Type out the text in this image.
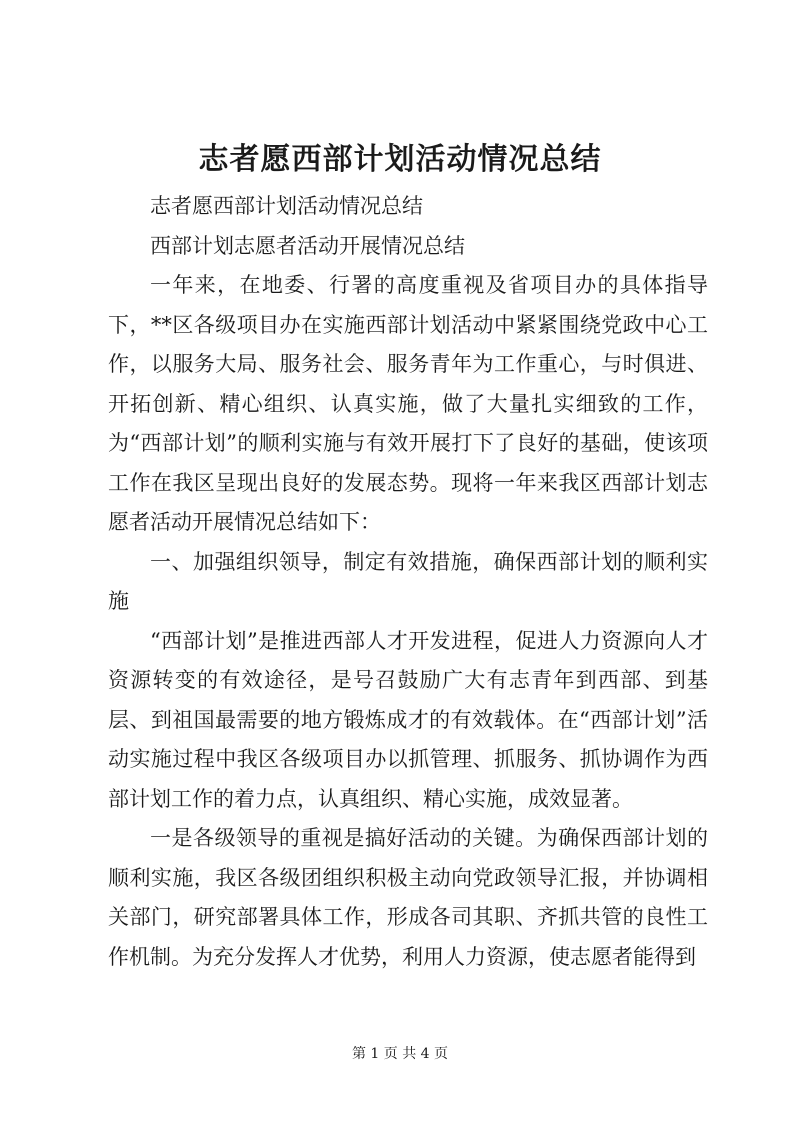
志者愿西部计划活动情况总结

志者愿西部计划活动情况总结

西部计划志愿者活动开展情况总结

一年来，在地委、行署的高度重视及省项目办的具体指导下，**区各级项目办在实施西部计划活动中紧紧围绕党政中心工作，以服务大局、服务社会、服务青年为工作重心，与时俱进、开拓创新、精心组织、认真实施，做了大量扎实细致的工作，为“西部计划”的顺利实施与有效开展打下了良好的基础，使该项工作在我区呈现出良好的发展态势。现将一年来我区西部计划志愿者活动开展情况总结如下：

一、加强组织领导，制定有效措施，确保西部计划的顺利实施

“西部计划”是推进西部人才开发进程，促进人力资源向人才资源转变的有效途径，是号召鼓励广大有志青年到西部、到基层、到祖国最需要的地方锻炼成才的有效载体。在“西部计划”活动实施过程中我区各级项目办以抓管理、抓服务、抓协调作为西部计划工作的着力点，认真组织、精心实施，成效显著。

一是各级领导的重视是搞好活动的关键。为确保西部计划的顺利实施，我区各级团组织积极主动向党政领导汇报，并协调相关部门，研究部署具体工作，形成各司其职、齐抓共管的良性工作机制。为充分发挥人才优势，利用人力资源，使志愿者能得到

第 1 页 共 4 页
